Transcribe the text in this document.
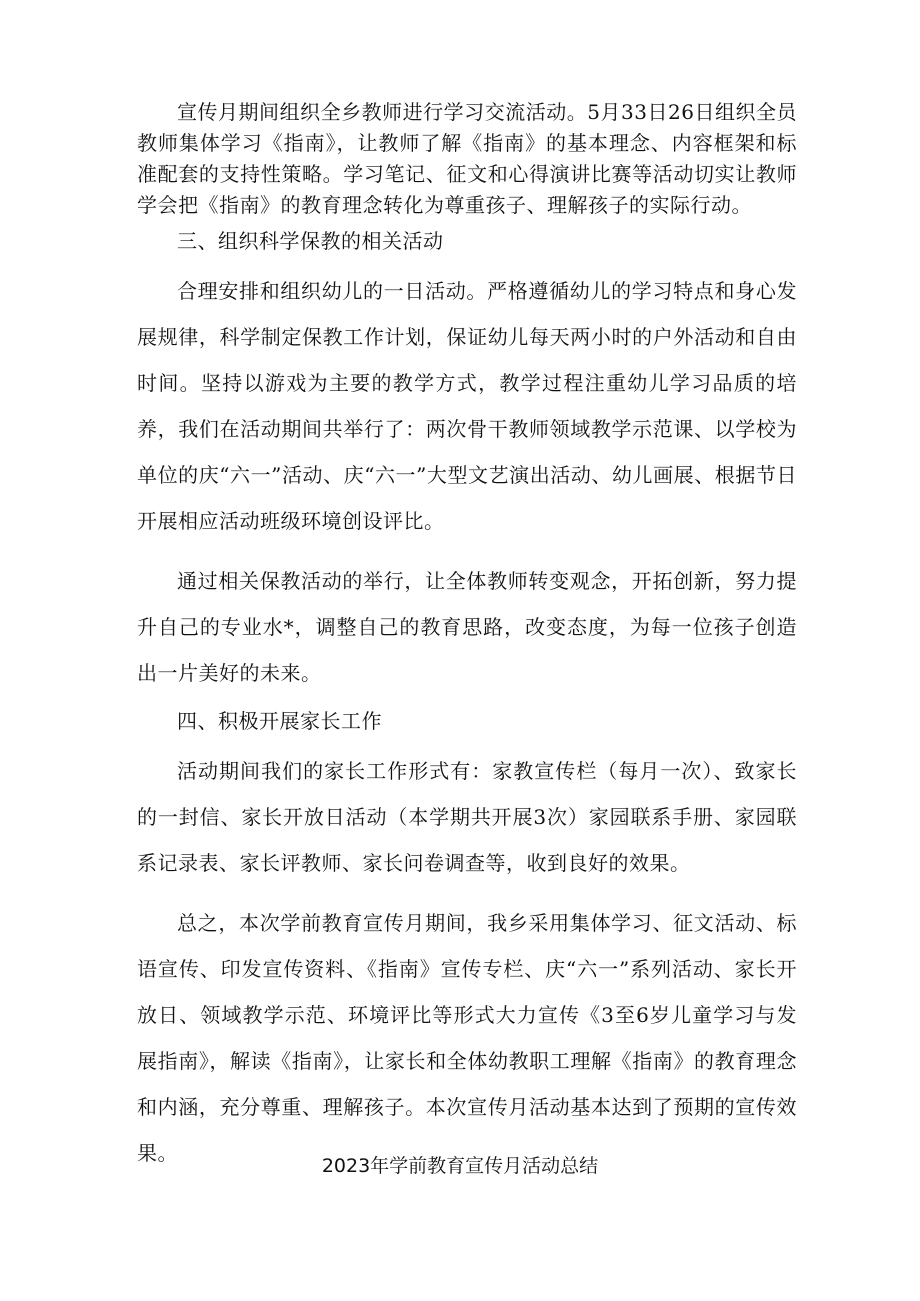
宣传月期间组织全乡教师进行学习交流活动。5月33日26日组织全员教师集体学习《指南》，让教师了解《指南》的基本理念、内容框架和标准配套的支持性策略。学习笔记、征文和心得演讲比赛等活动切实让教师学会把《指南》的教育理念转化为尊重孩子、理解孩子的实际行动。

三、组织科学保教的相关活动

合理安排和组织幼儿的一日活动。严格遵循幼儿的学习特点和身心发展规律，科学制定保教工作计划，保证幼儿每天两小时的户外活动和自由时间。坚持以游戏为主要的教学方式，教学过程注重幼儿学习品质的培养，我们在活动期间共举行了：两次骨干教师领域教学示范课、以学校为单位的庆“六一”活动、庆“六一”大型文艺演出活动、幼儿画展、根据节日开展相应活动班级环境创设评比。

通过相关保教活动的举行，让全体教师转变观念，开拓创新，努力提升自己的专业水*，调整自己的教育思路，改变态度，为每一位孩子创造出一片美好的未来。

四、积极开展家长工作

活动期间我们的家长工作形式有：家教宣传栏（每月一次）、致家长的一封信、家长开放日活动（本学期共开展3次）家园联系手册、家园联系记录表、家长评教师、家长问卷调查等，收到良好的效果。

总之，本次学前教育宣传月期间，我乡采用集体学习、征文活动、标语宣传、印发宣传资料、《指南》宣传专栏、庆“六一”系列活动、家长开放日、领域教学示范、环境评比等形式大力宣传《3至6岁儿童学习与发展指南》，解读《指南》，让家长和全体幼教职工理解《指南》的教育理念和内涵，充分尊重、理解孩子。本次宣传月活动基本达到了预期的宣传效果。

2023年学前教育宣传月活动总结
